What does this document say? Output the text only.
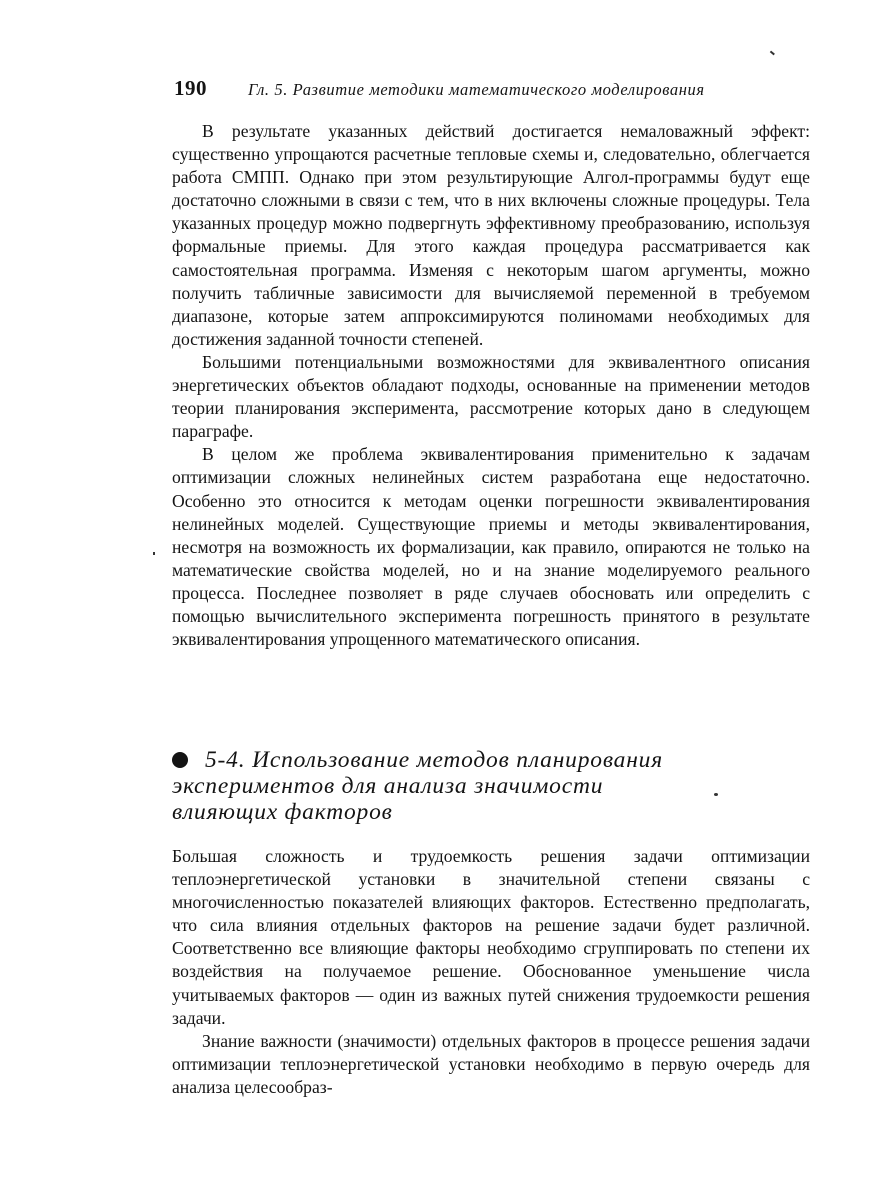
190 Гл. 5. Развитие методики математического моделирования

В результате указанных действий достигается немаловажный эффект: существенно упрощаются расчетные тепловые схемы и, следовательно, облегчается работа СМПП. Однако при этом результирующие Алгол-программы будут еще достаточно сложными в связи с тем, что в них включены сложные процедуры. Тела указанных процедур можно подвергнуть эффективному преобразованию, используя формальные приемы. Для этого каждая процедура рассматривается как самостоятельная программа. Изменяя с некоторым шагом аргументы, можно получить табличные зависимости для вычисляемой переменной в требуемом диапазоне, которые затем аппроксимируются полиномами необходимых для достижения заданной точности степеней.

Большими потенциальными возможностями для эквивалентного описания энергетических объектов обладают подходы, основанные на применении методов теории планирования эксперимента, рассмотрение которых дано в следующем параграфе.

В целом же проблема эквивалентирования применительно к задачам оптимизации сложных нелинейных систем разработана еще недостаточно. Особенно это относится к методам оценки погрешности эквивалентирования нелинейных моделей. Существующие приемы и методы эквивалентирования, несмотря на возможность их формализации, как правило, опираются не только на математические свойства моделей, но и на знание моделируемого реального процесса. Последнее позволяет в ряде случаев обосновать или определить с помощью вычислительного эксперимента погрешность принятого в результате эквивалентирования упрощенного математического описания.

5-4. Использование методов планирования
экспериментов для анализа значимости
влияющих факторов

Большая сложность и трудоемкость решения задачи оптимизации теплоэнергетической установки в значительной степени связаны с многочисленностью показателей влияющих факторов. Естественно предполагать, что сила влияния отдельных факторов на решение задачи будет различной. Соответственно все влияющие факторы необходимо сгруппировать по степени их воздействия на получаемое решение. Обоснованное уменьшение числа учитываемых факторов — один из важных путей снижения трудоемкости решения задачи.

Знание важности (значимости) отдельных факторов в процессе решения задачи оптимизации теплоэнергетической установки необходимо в первую очередь для анализа целесообраз-
